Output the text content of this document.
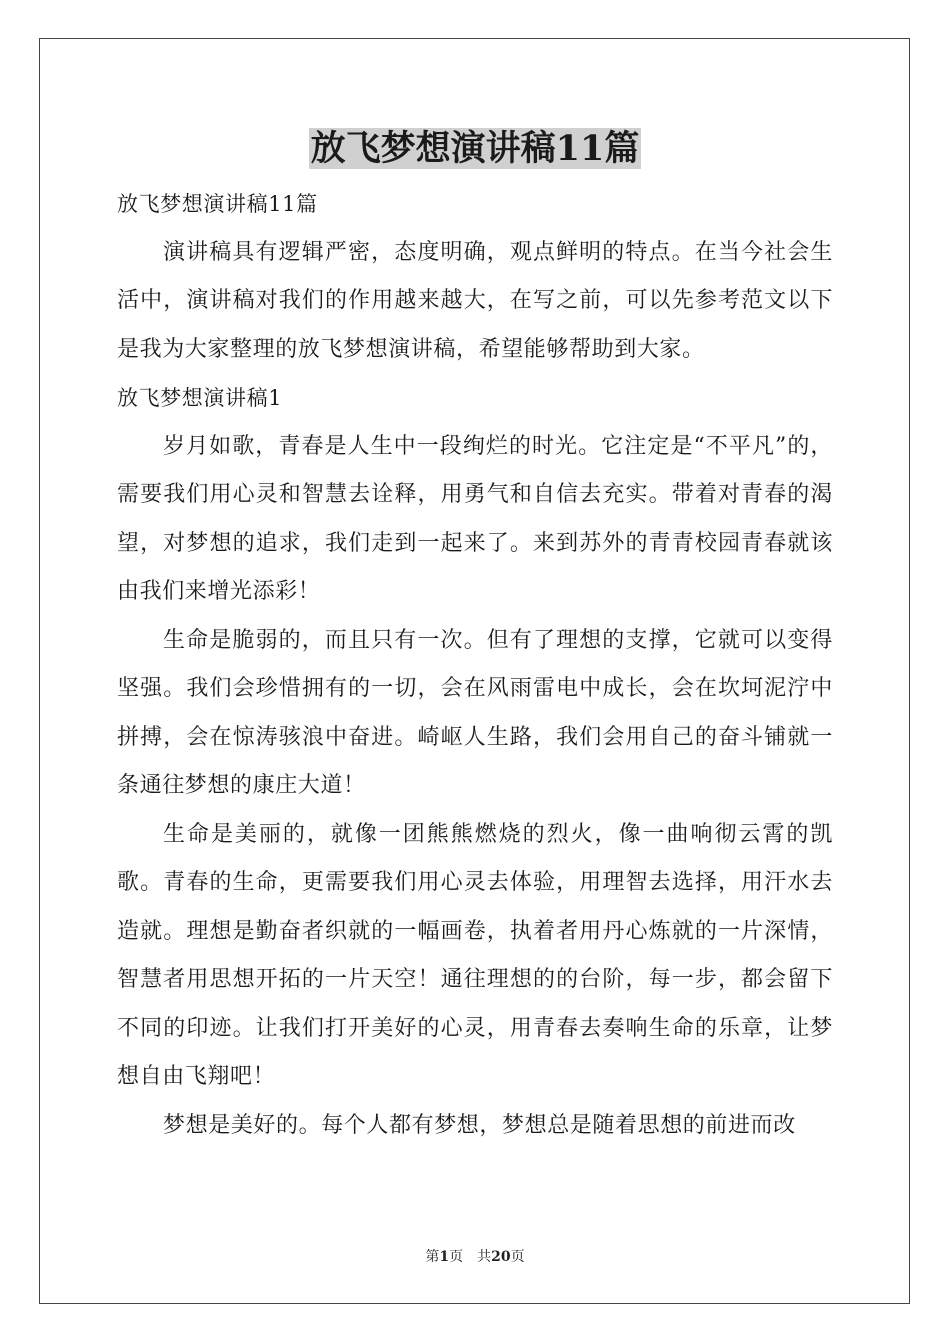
放飞梦想演讲稿11篇

放飞梦想演讲稿11篇

演讲稿具有逻辑严密，态度明确，观点鲜明的特点。在当今社会生活中，演讲稿对我们的作用越来越大，在写之前，可以先参考范文以下是我为大家整理的放飞梦想演讲稿，希望能够帮助到大家。

放飞梦想演讲稿1

岁月如歌，青春是人生中一段绚烂的时光。它注定是“不平凡”的，需要我们用心灵和智慧去诠释，用勇气和自信去充实。带着对青春的渴望，对梦想的追求，我们走到一起来了。来到苏外的青青校园青春就该由我们来增光添彩！

生命是脆弱的，而且只有一次。但有了理想的支撑，它就可以变得坚强。我们会珍惜拥有的一切，会在风雨雷电中成长，会在坎坷泥泞中拼搏，会在惊涛骇浪中奋进。崎岖人生路，我们会用自己的奋斗铺就一条通往梦想的康庄大道！

生命是美丽的，就像一团熊熊燃烧的烈火，像一曲响彻云霄的凯歌。青春的生命，更需要我们用心灵去体验，用理智去选择，用汗水去造就。理想是勤奋者织就的一幅画卷，执着者用丹心炼就的一片深情，智慧者用思想开拓的一片天空！通往理想的的台阶，每一步，都会留下不同的印迹。让我们打开美好的心灵，用青春去奏响生命的乐章，让梦想自由飞翔吧！

梦想是美好的。每个人都有梦想，梦想总是随着思想的前进而改

第1页　共20页
